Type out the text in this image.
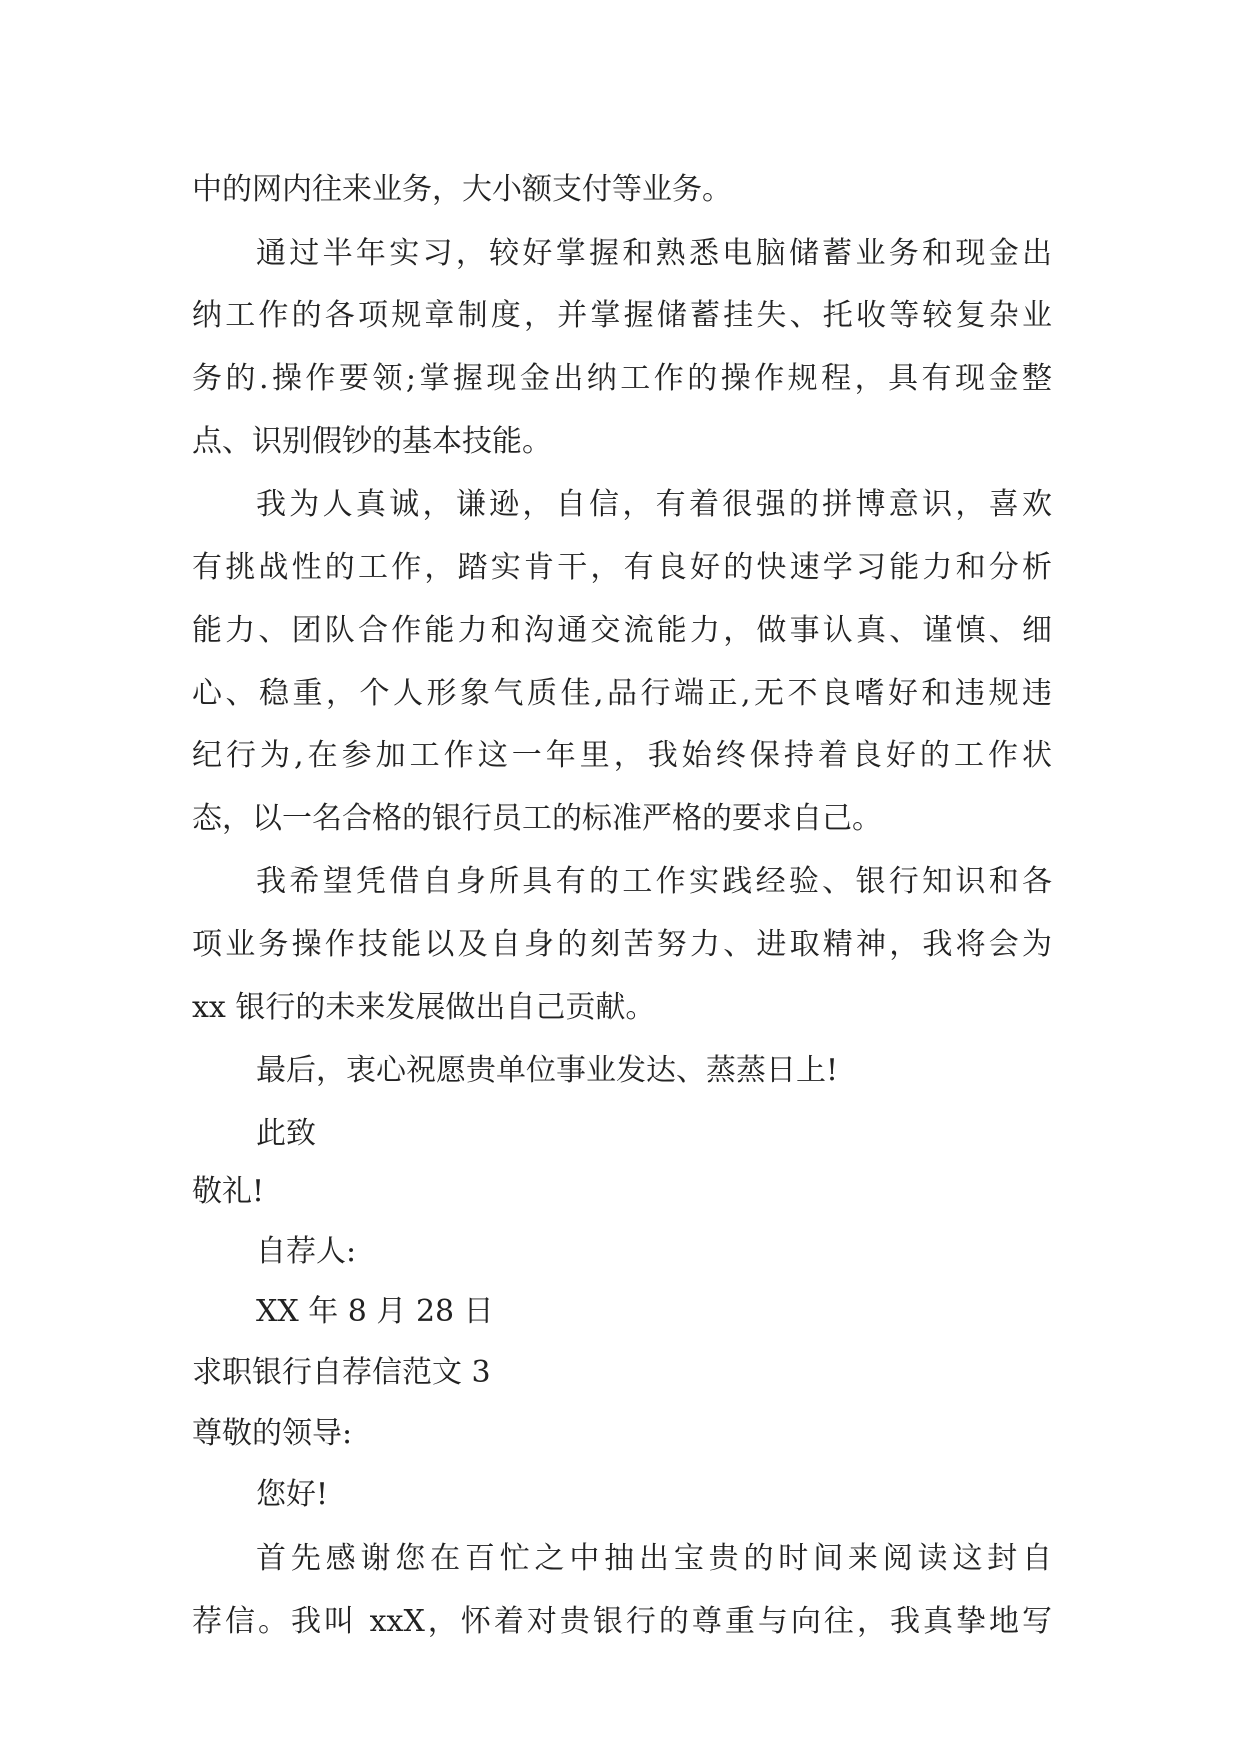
中的网内往来业务，大小额支付等业务。
通过半年实习，较好掌握和熟悉电脑储蓄业务和现金出
纳工作的各项规章制度，并掌握储蓄挂失、托收等较复杂业
务的.操作要领;掌握现金出纳工作的操作规程，具有现金整
点、识别假钞的基本技能。
我为人真诚，谦逊，自信，有着很强的拼博意识，喜欢
有挑战性的工作，踏实肯干，有良好的快速学习能力和分析
能力、团队合作能力和沟通交流能力，做事认真、谨慎、细
心、稳重，个人形象气质佳,品行端正,无不良嗜好和违规违
纪行为,在参加工作这一年里，我始终保持着良好的工作状
态，以一名合格的银行员工的标准严格的要求自己。
我希望凭借自身所具有的工作实践经验、银行知识和各
项业务操作技能以及自身的刻苦努力、进取精神，我将会为
xx 银行的未来发展做出自己贡献。
最后，衷心祝愿贵单位事业发达、蒸蒸日上!
此致
敬礼!
自荐人:
XX 年 8 月 28 日
求职银行自荐信范文 3
尊敬的领导:
您好!
首先感谢您在百忙之中抽出宝贵的时间来阅读这封自
荐信。我叫 xxX，怀着对贵银行的尊重与向往，我真挚地写
